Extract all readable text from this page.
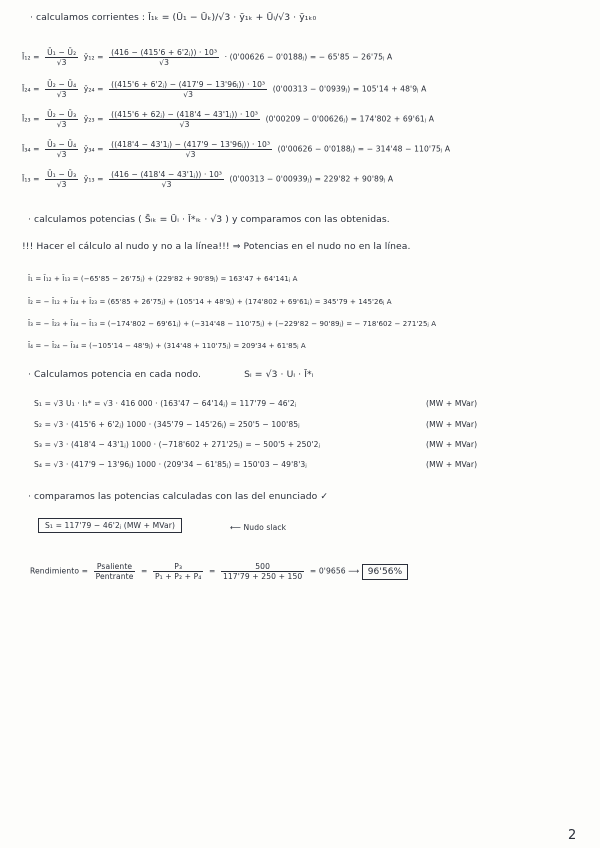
· calculamos corrientes : Ī₁ₖ = (Ū₁ − Ūₖ)/√3 · ȳ₁ₖ + Ūᵢ/√3 · ȳ₁ₖ₀
Ī₁₂ = $\frac{\text{Ū₁ − Ū₂}}{√3}$ ȳ₁₂ = $\frac{\text{(416 − (415'6 + 6'2ⱼ)) · 10³}}{√3} \cdot (0'00626$ − 0'0188ⱼ) = − 65'85 − 26'75ⱼ A
Ī₂₄ = $\frac{\text{Ū₂ − Ū₄}}{√3}$ ȳ₂₄ = $\frac{\text{((415'6 + 6'2ⱼ) − (417'9 − 13'96ⱼ)) · 10³}}{√3} (0'00313$ − 0'0939ⱼ) = 105'14 + 48'9ⱼ A
Ī₂₃ = $\frac{\text{Ū₂ − Ū₃}}{√3}$ ȳ₂₃ = $\frac{\text{((415'6 + 62ⱼ) − (418'4 − 43'1ⱼ)) · 10³}}{√3} (0'00209$ − 0'00626ⱼ) = 174'802 + 69'61ⱼ A
Ī₃₄ = $\frac{\text{Ū₃ − Ū₄}}{√3}$ ȳ₃₄ = $\frac{\text{((418'4 − 43'1ⱼ) − (417'9 − 13'96ⱼ)) · 10³}}{√3} (0'00626$ − 0'0188ⱼ) = − 314'48 − 110'75ⱼ A
Ī₁₃ = $\frac{\text{Ū₁ − Ū₃}}{√3}$ ȳ₁₃ = $\frac{\text{(416 − (418'4 − 43'1ⱼ)) · 10³}}{√3} (0'00313$ − 0'00939ⱼ) = 229'82 + 90'89ⱼ A
· calculamos potencias ( S̄ᵢₖ = Ūᵢ · Ī*ᵢₖ · √3 ) y comparamos con las obtenidas.
!!! Hacer el cálculo al nudo y no a la línea!!! ⇒ Potencias en el nudo no en la línea.
Ī₁ = Ī₁₂ + Ī₁₃ = (−65'85 − 26'75ⱼ) + (229'82 + 90'89ⱼ) = 163'47 + 64'141ⱼ A
Ī₂ = − Ī₁₂ + Ī₂₄ + Ī₂₃ = (65'85 + 26'75ⱼ) + (105'14 + 48'9ⱼ) + (174'802 + 69'61ⱼ) = 345'79 + 145'26ⱼ A
Ī₃ = − Ī₂₃ + Ī₃₄ − Ī₁₃ = (−174'802 − 69'61ⱼ) + (−314'48 − 110'75ⱼ) + (−229'82 − 90'89ⱼ) = − 718'602 − 271'25ⱼ A
Ī₄ = − Ī₂₄ − Ī₃₄ = (−105'14 − 48'9ⱼ) + (314'48 + 110'75ⱼ) = 209'34 + 61'85ⱼ A
· Calculamos potencia en cada nodo.	Sᵢ = √3 · Uᵢ · Ī*ᵢ
S₁ = √3 U₁ · I₁* = √3 · 416 000 · (163'47 − 64'14ⱼ) = 117'79 − 46'2ⱼ	(MW + MVar)
S₂ = √3 · (415'6 + 6'2ⱼ) 1000 · (345'79 − 145'26ⱼ) = 250'5 − 100'85ⱼ	(MW + MVar)
S₃ = √3 · (418'4 − 43'1ⱼ) 1000 · (−718'602 + 271'25ⱼ) = − 500'5 + 250'2ⱼ	(MW + MVar)
S₄ = √3 · (417'9 − 13'96ⱼ) 1000 · (209'34 − 61'85ⱼ) = 150'03 − 49'8'3ⱼ	(MW + MVar)
· comparamos las potencias calculadas con las del enunciado ✓
S₁ = 117'79 − 46'2ⱼ (MW + MVar)	⟵ Nudo slack
Rendimiento = $\frac{\text{Psaliente}}{\text{Pentrante}} = \frac{\text{P₃}}{\text{P₁ + P₂ + P₄}} = \frac{500}{117'79 + 250 + 150} = 0'9656$ ⟶ 96'56%
2
